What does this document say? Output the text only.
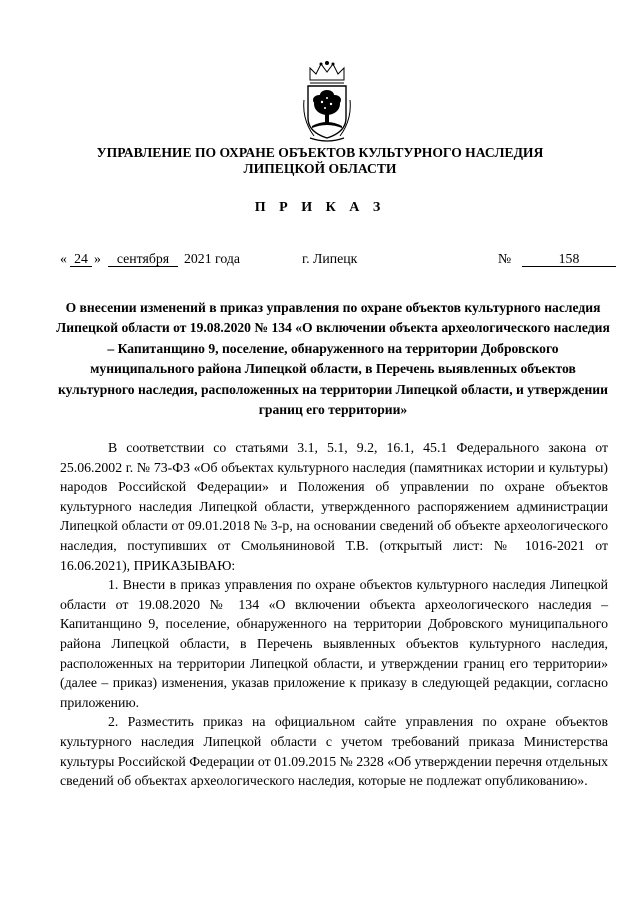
УПРАВЛЕНИЕ ПО ОХРАНЕ ОБЪЕКТОВ КУЛЬТУРНОГО НАСЛЕДИЯ
ЛИПЕЦКОЙ ОБЛАСТИ
П Р И К А З
« 24 »	сентября	2021 года	г. Липецк	№	158
О внесении изменений в приказ управления по охране объектов культурного наследия Липецкой области от 19.08.2020 № 134 «О включении объекта археологического наследия – Капитанщино 9, поселение, обнаруженного на территории Добровского муниципального района Липецкой области, в Перечень выявленных объектов культурного наследия, расположенных на территории Липецкой области, и утверждении границ его территории»

В соответствии со статьями 3.1, 5.1, 9.2, 16.1, 45.1 Федерального закона от 25.06.2002 г. № 73-ФЗ «Об объектах культурного наследия (памятниках истории и культуры) народов Российской Федерации» и Положения об управлении по охране объектов культурного наследия Липецкой области, утвержденного распоряжением администрации Липецкой области от 09.01.2018 № 3-р, на основании сведений об объекте археологического наследия, поступивших от Смольяниновой Т.В. (открытый лист: № 1016-2021 от 16.06.2021), ПРИКАЗЫВАЮ:

1. Внести в приказ управления по охране объектов культурного наследия Липецкой области от 19.08.2020 № 134 «О включении объекта археологического наследия – Капитанщино 9, поселение, обнаруженного на территории Добровского муниципального района Липецкой области, в Перечень выявленных объектов культурного наследия, расположенных на территории Липецкой области, и утверждении границ его территории» (далее – приказ) изменения, указав приложение к приказу в следующей редакции, согласно приложению.

2. Разместить приказ на официальном сайте управления по охране объектов культурного наследия Липецкой области с учетом требований приказа Министерства культуры Российской Федерации от 01.09.2015 № 2328 «Об утверждении перечня отдельных сведений об объектах археологического наследия, которые не подлежат опубликованию».
